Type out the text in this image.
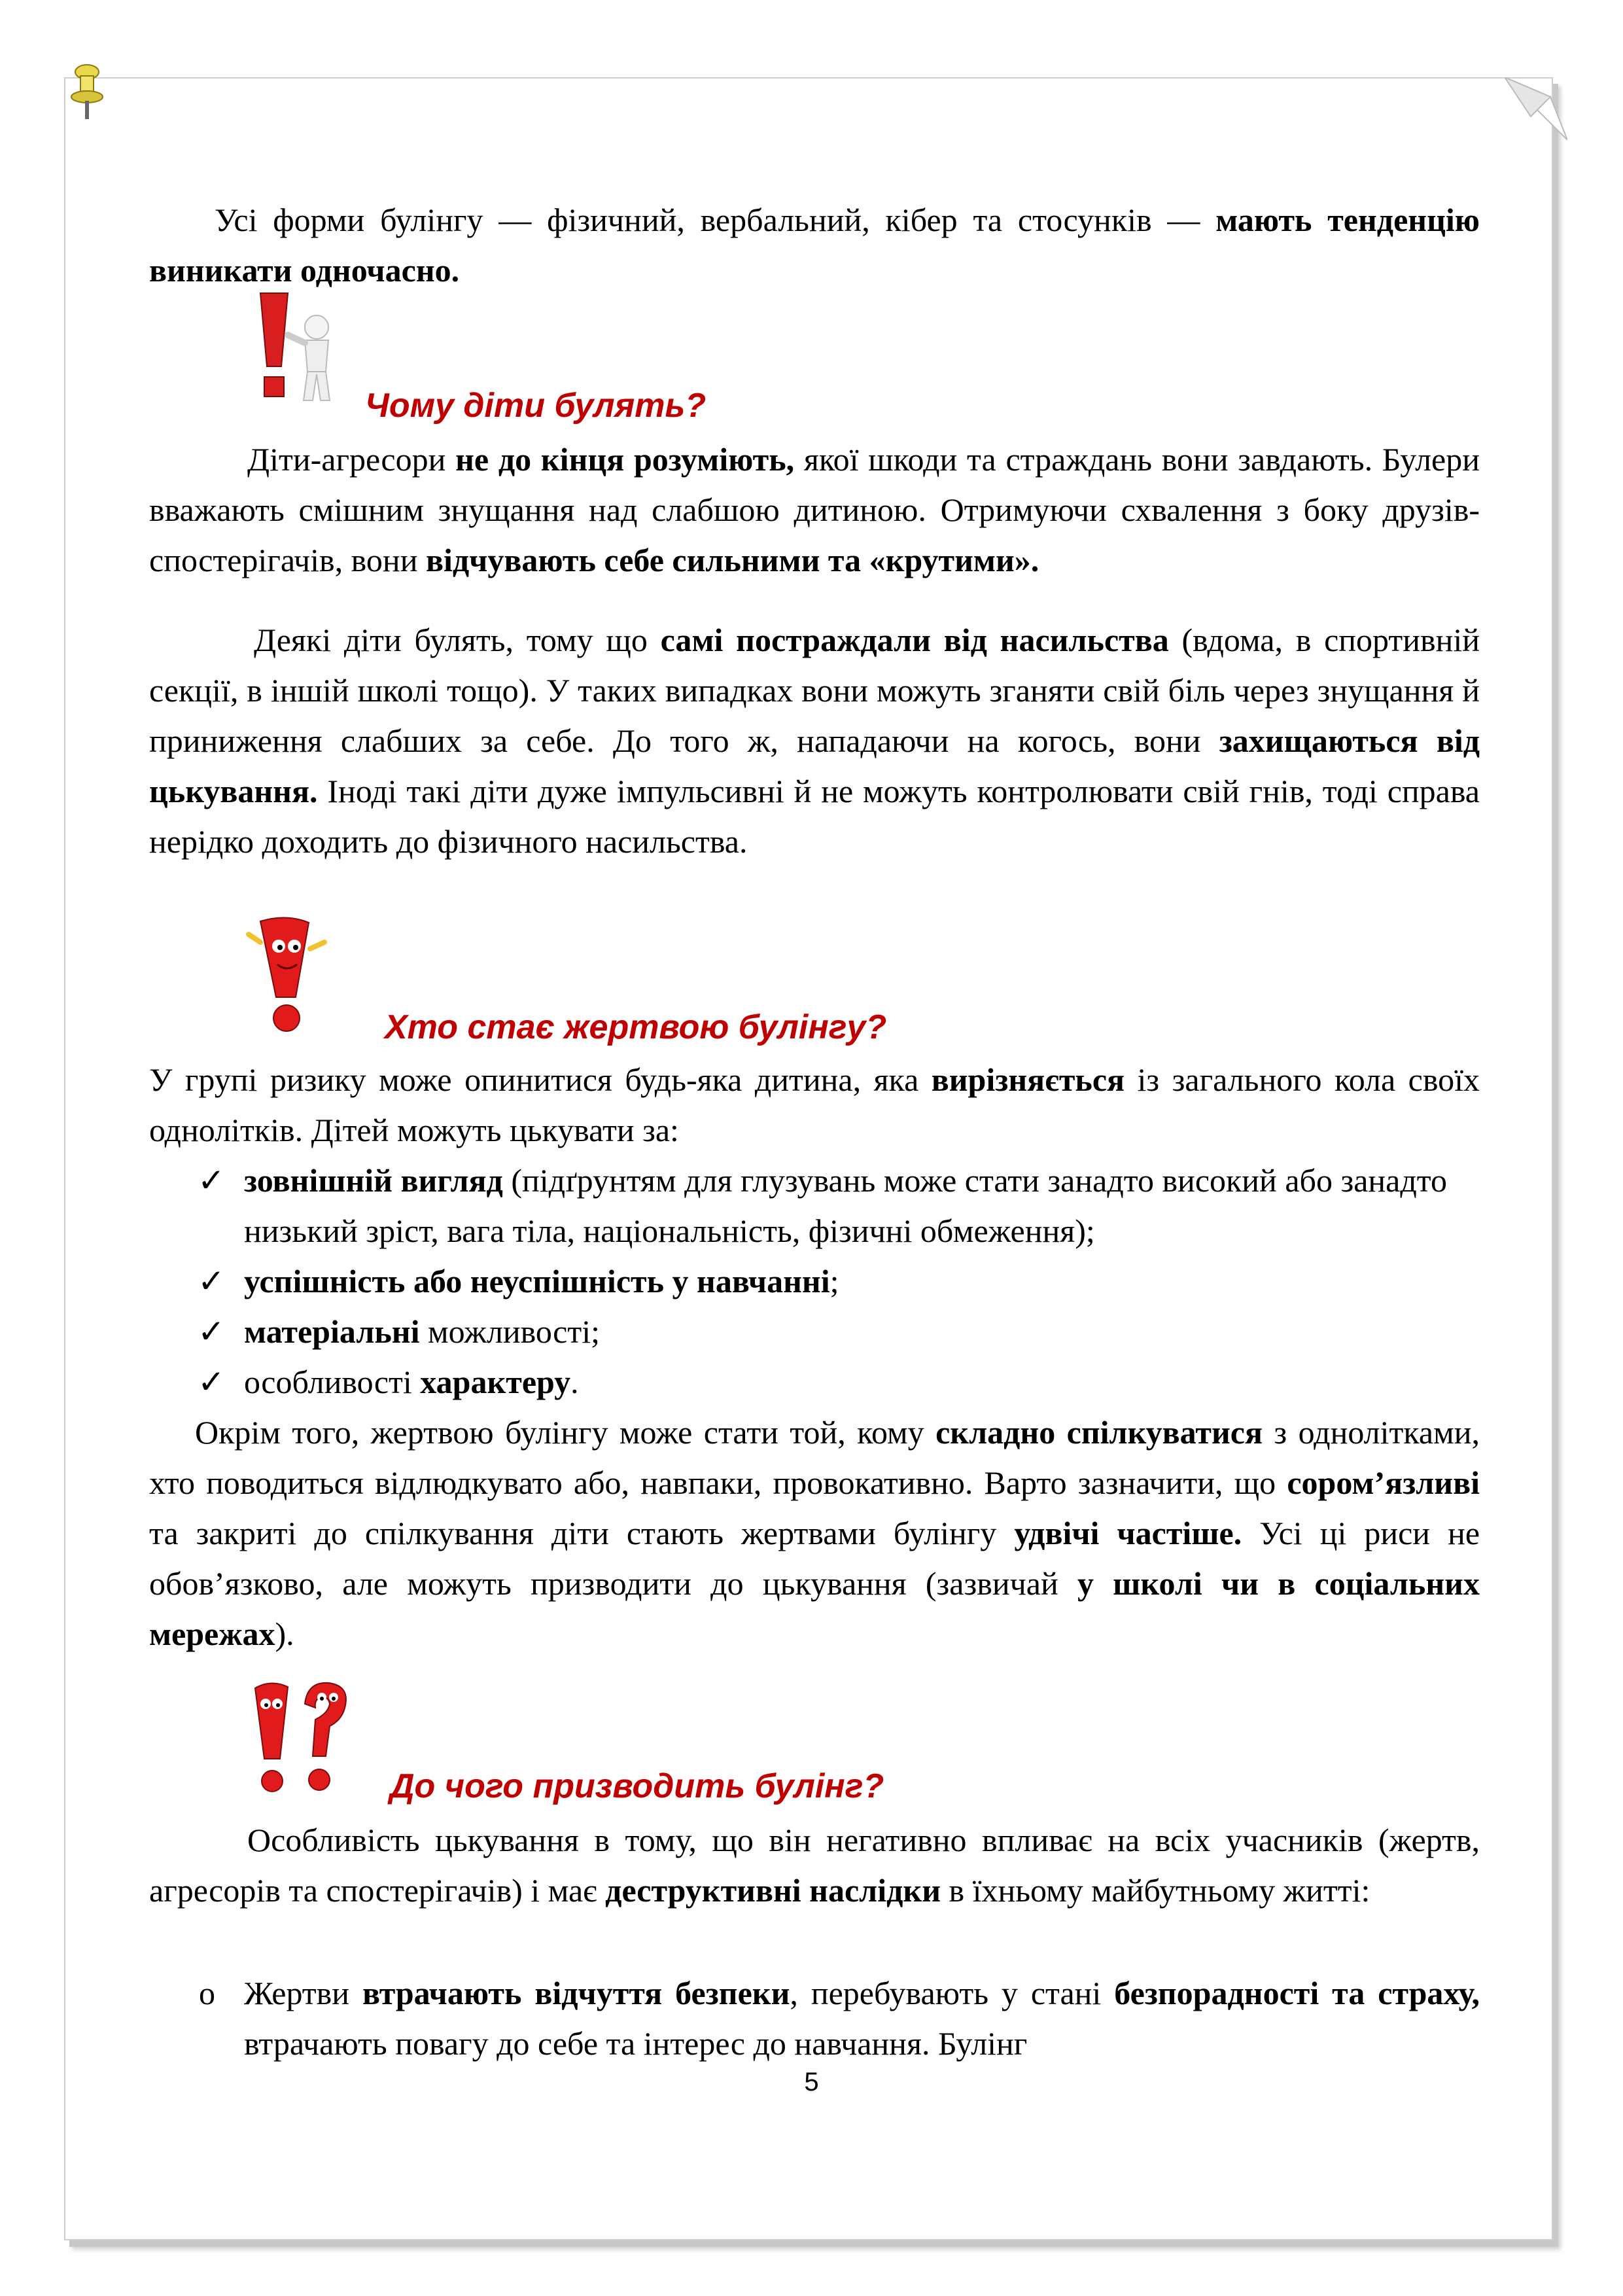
Усі форми булінгу — фізичний, вербальний, кібер та стосунків — мають тенденцію виникати одночасно.
Чому діти булять?
Діти-агресори не до кінця розуміють, якої шкоди та страждань вони завдають. Булери вважають смішним знущання над слабшою дитиною. Отримуючи схвалення з боку друзів-спостерігачів, вони відчувають себе сильними та «крутими».
Деякі діти булять, тому що самі постраждали від насильства (вдома, в спортивній секції, в іншій школі тощо). У таких випадках вони можуть зганяти свій біль через знущання й приниження слабших за себе. До того ж, нападаючи на когось, вони захищаються від цькування. Іноді такі діти дуже імпульсивні й не можуть контролювати свій гнів, тоді справа нерідко доходить до фізичного насильства.
Хто стає жертвою булінгу?
У групі ризику може опинитися будь-яка дитина, яка вирізняється із загального кола своїх однолітків. Дітей можуть цькувати за:
✓ зовнішній вигляд (підґрунтям для глузувань може стати занадто високий або занадто низький зріст, вага тіла, національність, фізичні обмеження);
✓ успішність або неуспішність у навчанні;
✓ матеріальні можливості;
✓ особливості характеру.
Окрім того, жертвою булінгу може стати той, кому складно спілкуватися з однолітками, хто поводиться відлюдкувато або, навпаки, провокативно. Варто зазначити, що сором’язливі та закриті до спілкування діти стають жертвами булінгу удвічі частіше. Усі ці риси не обов’язково, але можуть призводити до цькування (зазвичай у школі чи в соціальних мережах).
До чого призводить булінг?
Особливість цькування в тому, що він негативно впливає на всіх учасників (жертв, агресорів та спостерігачів) і має деструктивні наслідки в їхньому майбутньому житті:
o Жертви втрачають відчуття безпеки, перебувають у стані безпорадності та страху, втрачають повагу до себе та інтерес до навчання. Булінг
5
